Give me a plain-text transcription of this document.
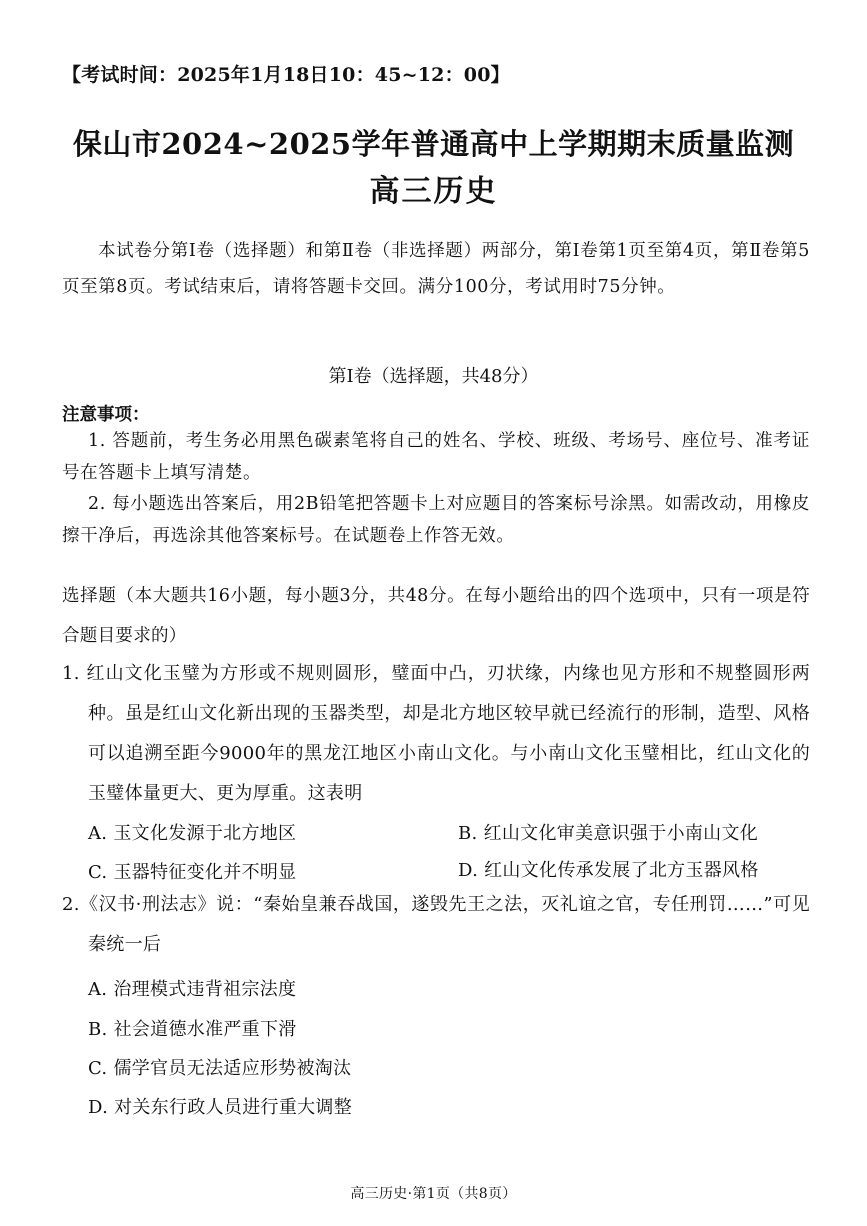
【考试时间：2025年1月18日10：45~12：00】
保山市2024~2025学年普通高中上学期期末质量监测
高三历史
本试卷分第Ⅰ卷（选择题）和第Ⅱ卷（非选择题）两部分，第Ⅰ卷第1页至第4页，第Ⅱ卷第5页至第8页。考试结束后，请将答题卡交回。满分100分，考试用时75分钟。
第Ⅰ卷（选择题，共48分）
注意事项：
1. 答题前，考生务必用黑色碳素笔将自己的姓名、学校、班级、考场号、座位号、准考证号在答题卡上填写清楚。
2. 每小题选出答案后，用2B铅笔把答题卡上对应题目的答案标号涂黑。如需改动，用橡皮擦干净后，再选涂其他答案标号。在试题卷上作答无效。
选择题（本大题共16小题，每小题3分，共48分。在每小题给出的四个选项中，只有一项是符合题目要求的）
1. 红山文化玉璧为方形或不规则圆形，璧面中凸，刃状缘，内缘也见方形和不规整圆形两种。虽是红山文化新出现的玉器类型，却是北方地区较早就已经流行的形制，造型、风格可以追溯至距今9000年的黑龙江地区小南山文化。与小南山文化玉璧相比，红山文化的玉璧体量更大、更为厚重。这表明
A. 玉文化发源于北方地区	B. 红山文化审美意识强于小南山文化
C. 玉器特征变化并不明显	D. 红山文化传承发展了北方玉器风格
2.《汉书·刑法志》说：“秦始皇兼吞战国，遂毁先王之法，灭礼谊之官，专任刑罚……”可见秦统一后
A. 治理模式违背祖宗法度
B. 社会道德水准严重下滑
C. 儒学官员无法适应形势被淘汰
D. 对关东行政人员进行重大调整
高三历史·第1页（共8页）
